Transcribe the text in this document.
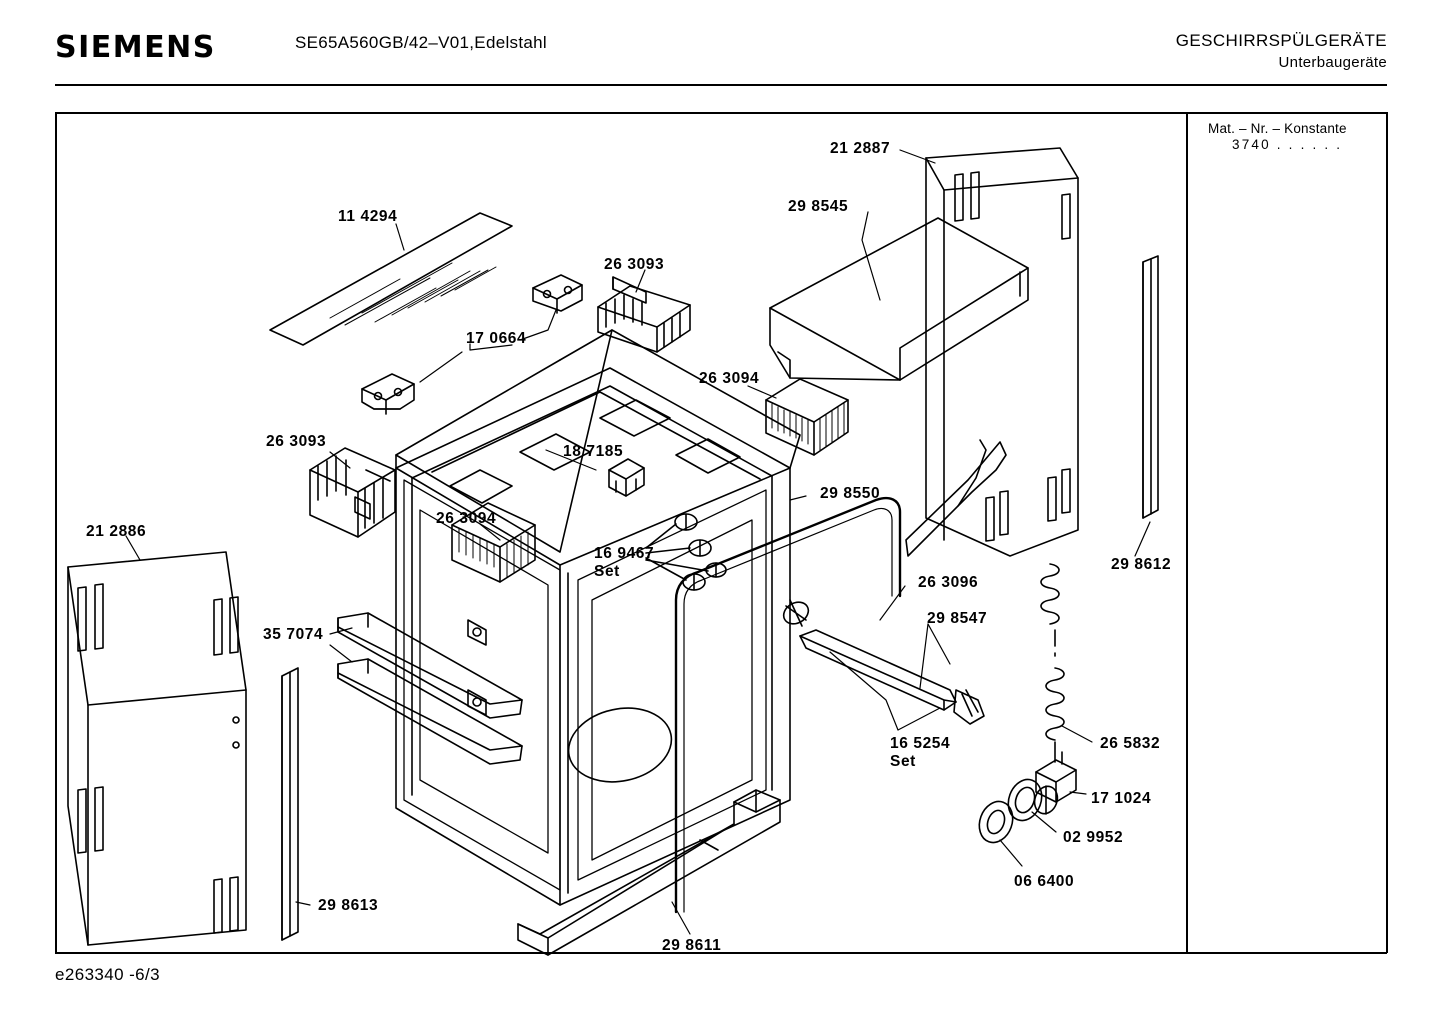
SIEMENS	SE65A560GB/42–V01,Edelstahl	GESCHIRRSPÜLGERÄTE
Unterbaugeräte
Mat. – Nr. – Konstante
3740 . . . . . .
e263340 -6/3
21 2887
29 8545
11 4294
26 3093
17 0664
26 3094
18 7185
26 3093
29 8550
26 3094
16 9467
Set
21 2886
29 8612
26 3096
29 8547
35 7074
16 5254
Set
26 5832
17 1024
02 9952
06 6400
29 8613
29 8611
